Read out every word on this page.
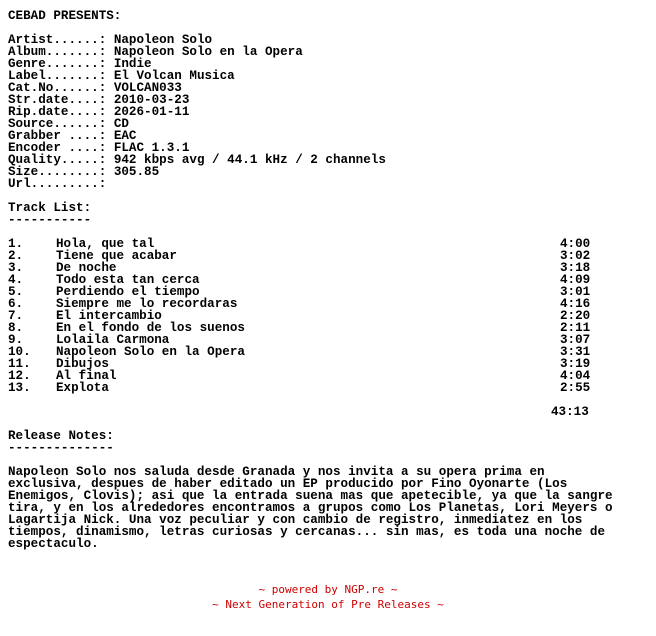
CEBAD PRESENTS:
Artist......: Napoleon Solo
Album.......: Napoleon Solo en la Opera
Genre.......: Indie
Label.......: El Volcan Musica
Cat.No......: VOLCAN033
Str.date....: 2010-03-23
Rip.date....: 2026-01-11
Source......: CD
Grabber ....: EAC
Encoder ....: FLAC 1.3.1
Quality.....: 942 kbps avg / 44.1 kHz / 2 channels
Size........: 305.85
Url.........:
Track List:
-----------
1.	Hola, que tal	4:00
2.	Tiene que acabar	3:02
3.	De noche	3:18
4.	Todo esta tan cerca	4:09
5.	Perdiendo el tiempo	3:01
6.	Siempre me lo recordaras	4:16
7.	El intercambio	2:20
8.	En el fondo de los suenos	2:11
9.	Lolaila Carmona	3:07
10. Napoleon Solo en la Opera	3:31
11. Dibujos	3:19
12. Al final	4:04
13. Explota	2:55
43:13
Release Notes:
--------------
Napoleon Solo nos saluda desde Granada y nos invita a su opera prima en
exclusiva, despues de haber editado un EP producido por Fino Oyonarte (Los
Enemigos, Clovis); asi que la entrada suena mas que apetecible, ya que la sangre
tira, y en los alrededores encontramos a grupos como Los Planetas, Lori Meyers o
Lagartija Nick. Una voz peculiar y con cambio de registro, inmediatez en los
tiempos, dinamismo, letras curiosas y cercanas... sin mas, es toda una noche de
espectaculo.
~ powered by NGP.re ~
~ Next Generation of Pre Releases ~
